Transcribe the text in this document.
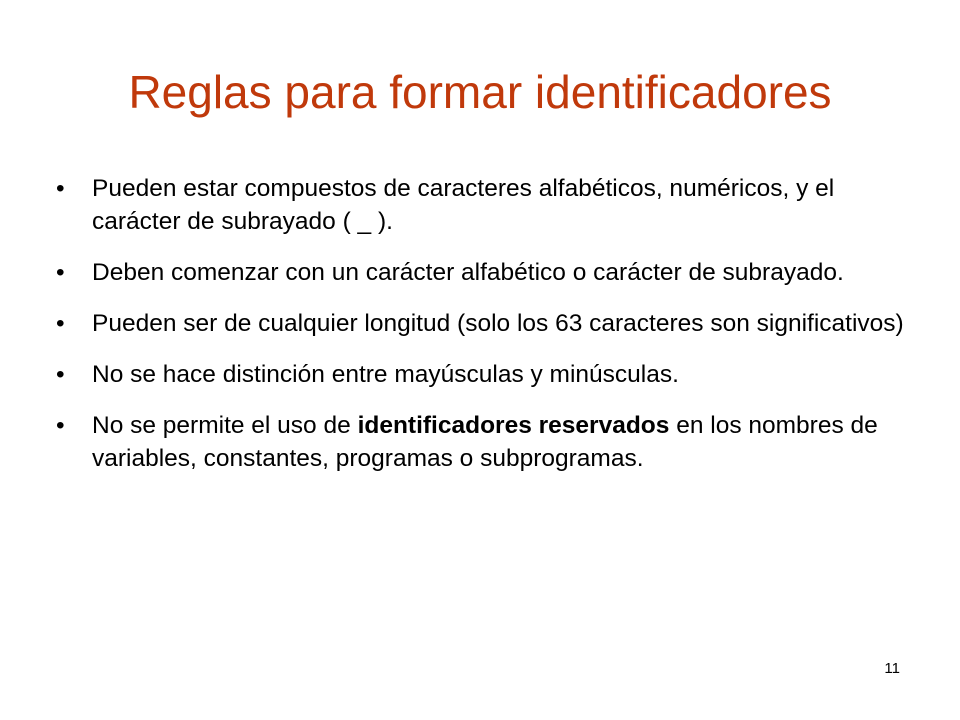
Reglas para formar identificadores
• Pueden estar compuestos de caracteres alfabéticos, numéricos, y el carácter de subrayado ( _ ).
• Deben comenzar con un carácter alfabético o carácter de subrayado.
• Pueden ser de cualquier longitud (solo los 63 caracteres son significativos)
• No se hace distinción entre mayúsculas y minúsculas.
• No se permite el uso de identificadores reservados en los nombres de variables, constantes, programas o subprogramas.
11
